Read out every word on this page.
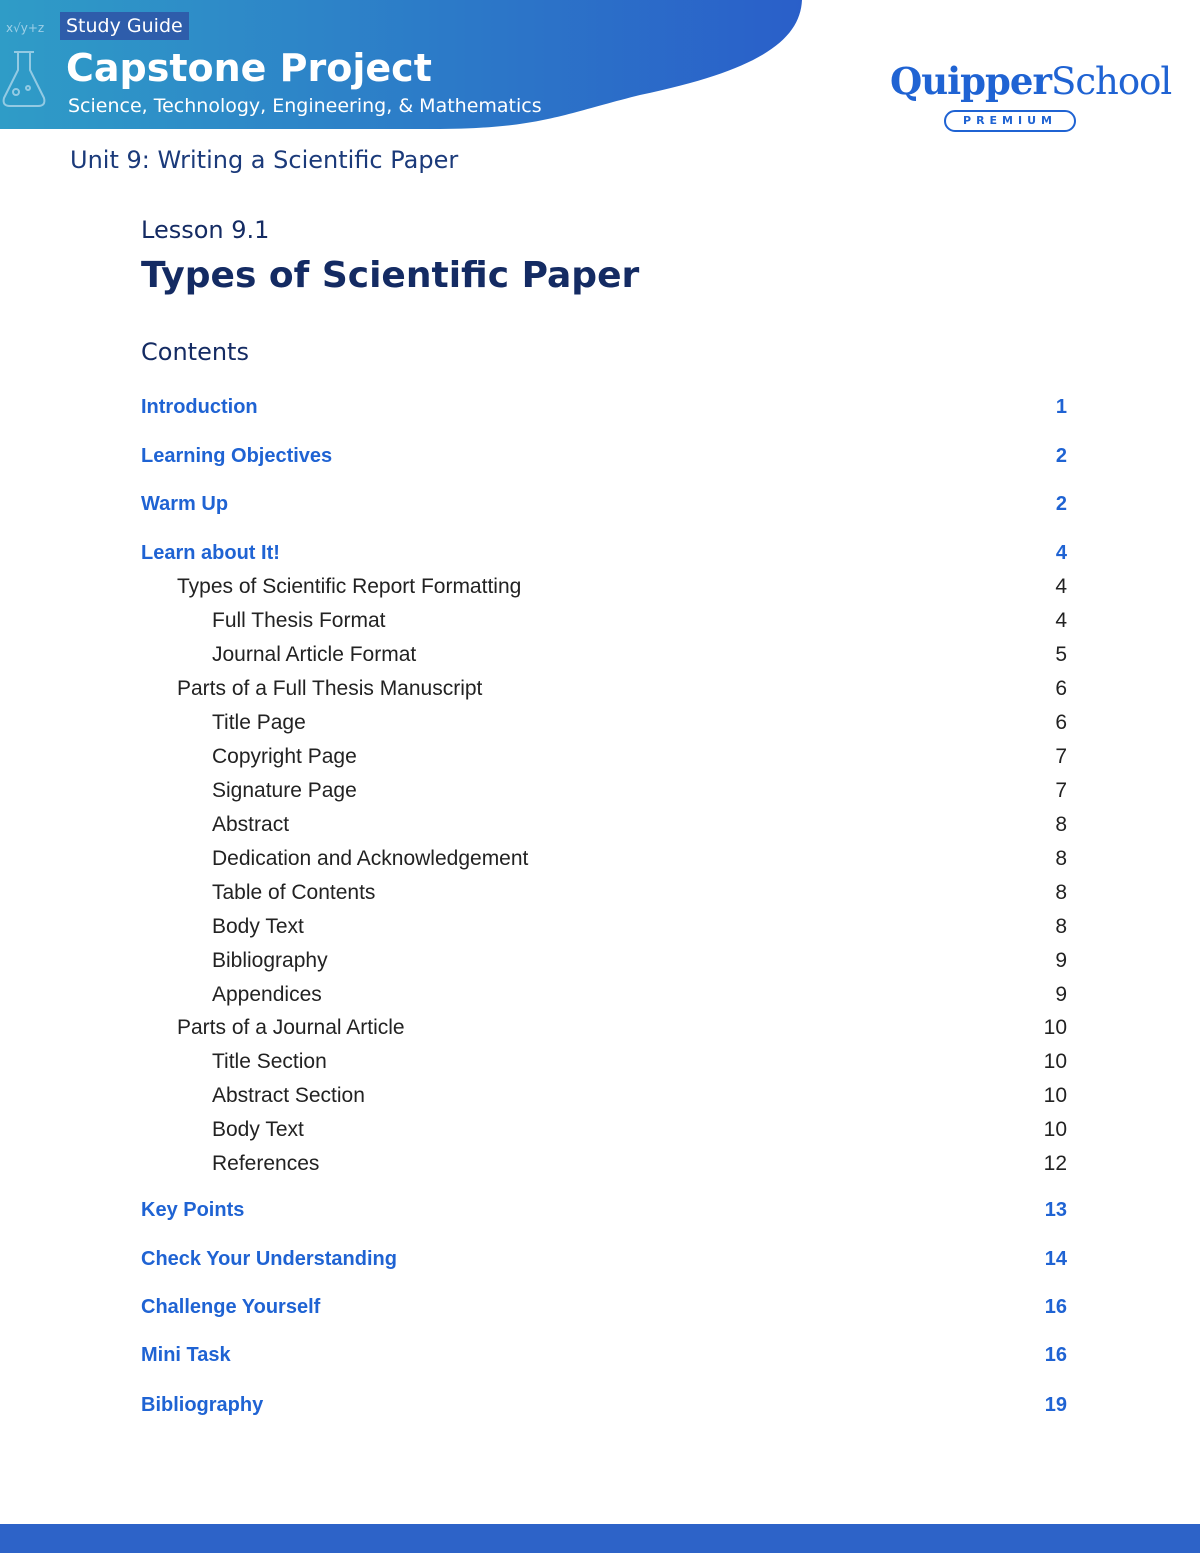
x√y+z	Study Guide
Capstone Project
Science, Technology, Engineering, & Mathematics
QuipperSchool
PREMIUM
Unit 9: Writing a Scientific Paper
Lesson 9.1
Types of Scientific Paper
Contents
Introduction	1
Learning Objectives	2
Warm Up	2
Learn about It!	4
Types of Scientific Report Formatting	4
Full Thesis Format	4
Journal Article Format	5
Parts of a Full Thesis Manuscript	6
Title Page	6
Copyright Page	7
Signature Page	7
Abstract	8
Dedication and Acknowledgement	8
Table of Contents	8
Body Text	8
Bibliography	9
Appendices	9
Parts of a Journal Article	10
Title Section	10
Abstract Section	10
Body Text	10
References	12
Key Points	13
Check Your Understanding	14
Challenge Yourself	16
Mini Task	16
Bibliography	19
